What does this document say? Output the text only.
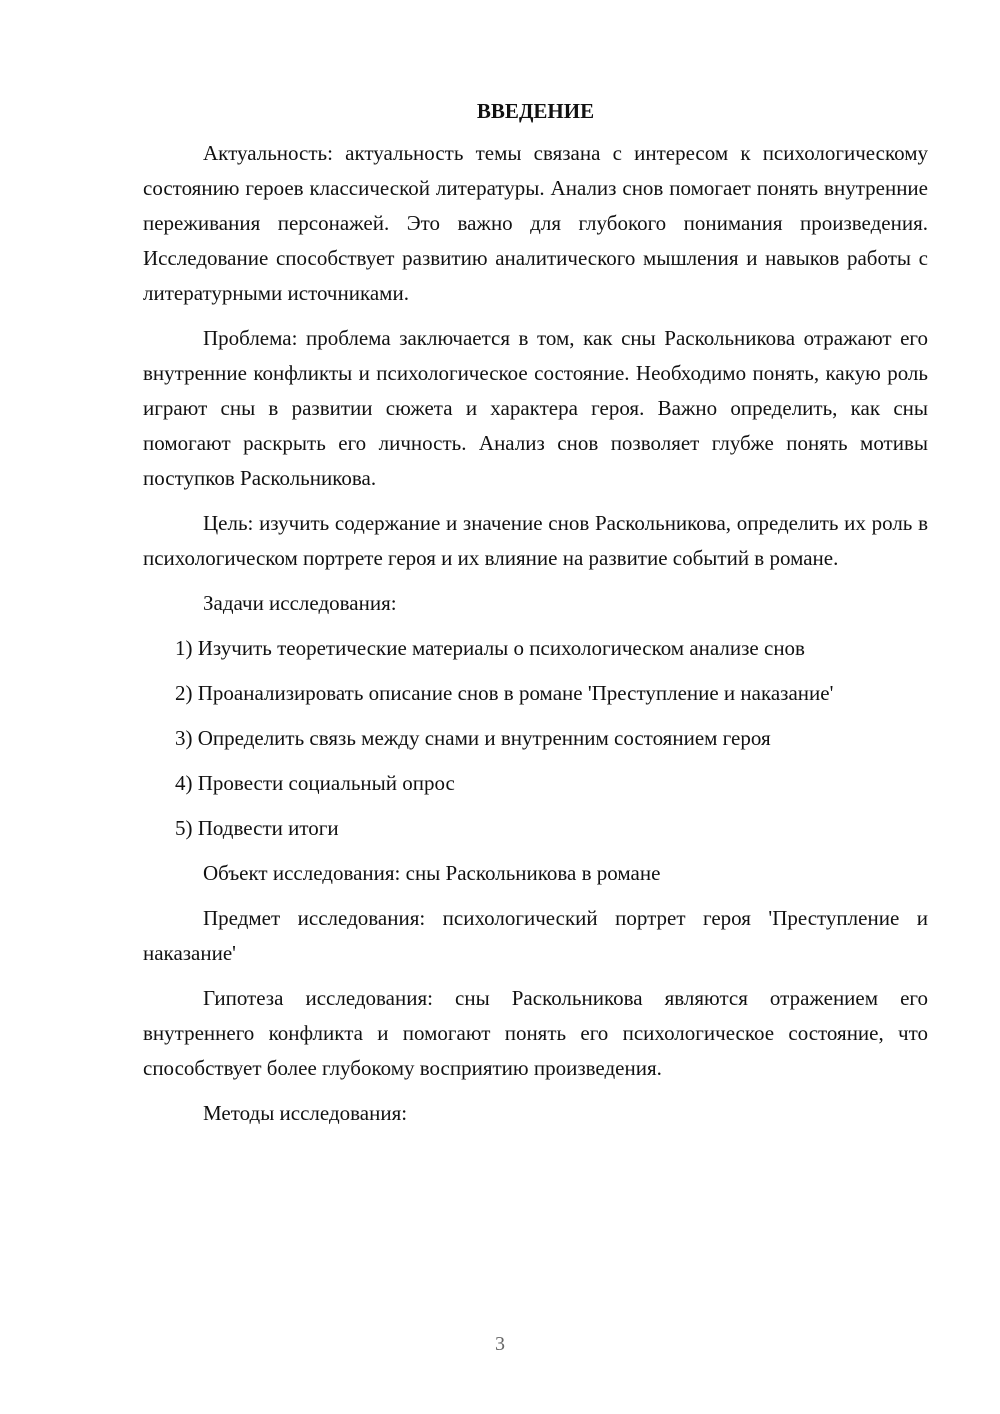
ВВЕДЕНИЕ

Актуальность: актуальность темы связана с интересом к психологическому состоянию героев классической литературы. Анализ снов помогает понять внутренние переживания персонажей. Это важно для глубокого понимания произведения. Исследование способствует развитию аналитического мышления и навыков работы с литературными источниками.

Проблема: проблема заключается в том, как сны Раскольникова отражают его внутренние конфликты и психологическое состояние. Необходимо понять, какую роль играют сны в развитии сюжета и характера героя. Важно определить, как сны помогают раскрыть его личность. Анализ снов позволяет глубже понять мотивы поступков Раскольникова.

Цель: изучить содержание и значение снов Раскольникова, определить их роль в психологическом портрете героя и их влияние на развитие событий в романе.

Задачи исследования:

1) Изучить теоретические материалы о психологическом анализе снов

2) Проанализировать описание снов в романе 'Преступление и наказание'

3) Определить связь между снами и внутренним состоянием героя

4) Провести социальный опрос

5) Подвести итоги

Объект исследования: сны Раскольникова в романе

Предмет исследования: психологический портрет героя 'Преступление и наказание'

Гипотеза исследования: сны Раскольникова являются отражением его внутреннего конфликта и помогают понять его психологическое состояние, что способствует более глубокому восприятию произведения.

Методы исследования:

3
